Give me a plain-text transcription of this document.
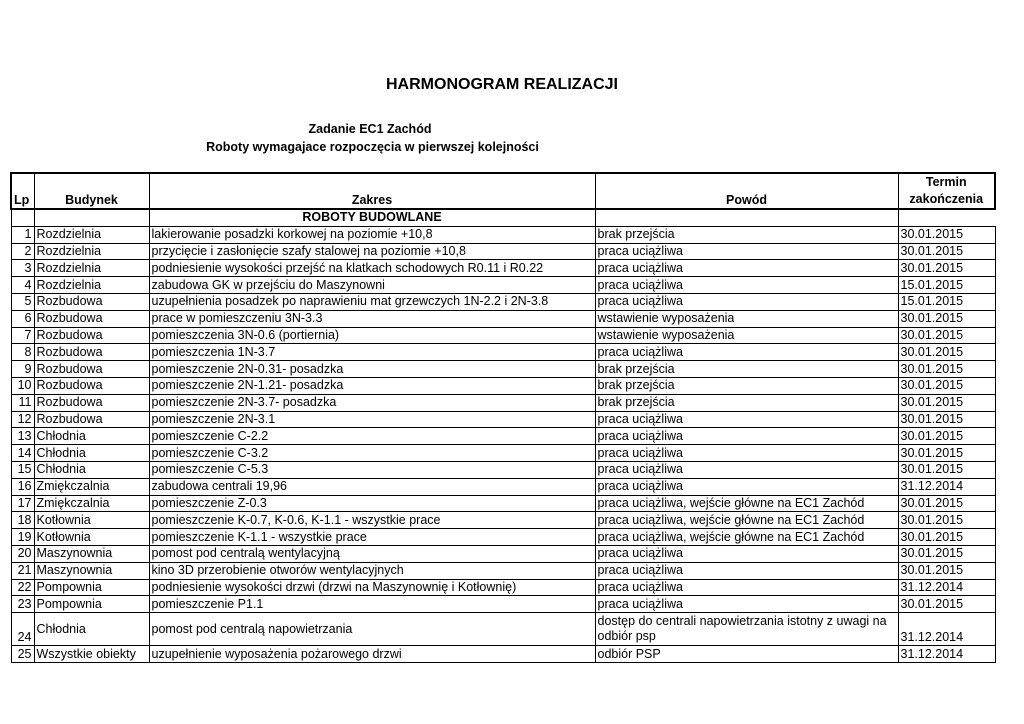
HARMONOGRAM REALIZACJI
Zadanie EC1 Zachód
Roboty wymagajace rozpoczęcia w pierwszej kolejności
Lp	Budynek	Zakres	Powód	Termin zakończenia
		ROBOTY BUDOWLANE		
1	Rozdzielnia	lakierowanie posadzki korkowej na poziomie +10,8	brak przejścia	30.01.2015
2	Rozdzielnia	przycięcie i zasłonięcie szafy stalowej na poziomie +10,8	praca uciążliwa	30.01.2015
3	Rozdzielnia	podniesienie wysokości przejść na klatkach schodowych R0.11 i R0.22	praca uciążliwa	30.01.2015
4	Rozdzielnia	zabudowa GK w przejściu do Maszynowni	praca uciążliwa	15.01.2015
5	Rozbudowa	uzupełnienia posadzek po naprawieniu mat grzewczych 1N-2.2 i 2N-3.8	praca uciążliwa	15.01.2015
6	Rozbudowa	prace w pomieszczeniu 3N-3.3	wstawienie wyposażenia	30.01.2015
7	Rozbudowa	pomieszczenia 3N-0.6 (portiernia)	wstawienie wyposażenia	30.01.2015
8	Rozbudowa	pomieszczenia 1N-3.7	praca uciążliwa	30.01.2015
9	Rozbudowa	pomieszczenie 2N-0.31- posadzka	brak przejścia	30.01.2015
10	Rozbudowa	pomieszczenie 2N-1.21- posadzka	brak przejścia	30.01.2015
11	Rozbudowa	pomieszczenie 2N-3.7- posadzka	brak przejścia	30.01.2015
12	Rozbudowa	pomieszczenie 2N-3.1	praca uciążliwa	30.01.2015
13	Chłodnia	pomieszczenie C-2.2	praca uciążliwa	30.01.2015
14	Chłodnia	pomieszczenie C-3.2	praca uciążliwa	30.01.2015
15	Chłodnia	pomieszczenie C-5.3	praca uciążliwa	30.01.2015
16	Zmiękczalnia	zabudowa centrali 19,96	praca uciążliwa	31.12.2014
17	Zmiękczalnia	pomieszczenie Z-0.3	praca uciążliwa, wejście główne na EC1 Zachód	30.01.2015
18	Kotłownia	pomieszczenie K-0.7, K-0.6, K-1.1 - wszystkie prace	praca uciążliwa, wejście główne na EC1 Zachód	30.01.2015
19	Kotłownia	pomieszczenie K-1.1 - wszystkie prace	praca uciążliwa, wejście główne na EC1 Zachód	30.01.2015
20	Maszynownia	pomost pod centralą wentylacyjną	praca uciążliwa	30.01.2015
21	Maszynownia	kino 3D przerobienie otworów wentylacyjnych	praca uciążliwa	30.01.2015
22	Pompownia	podniesienie wysokości drzwi (drzwi na Maszynownię i Kotłownię)	praca uciążliwa	31.12.2014
23	Pompownia	pomieszczenie P1.1	praca uciążliwa	30.01.2015
24	Chłodnia	pomost pod centralą napowietrzania	dostęp do centrali napowietrzania istotny z uwagi na odbiór psp	31.12.2014
25	Wszystkie obiekty	uzupełnienie wyposażenia pożarowego drzwi	odbiór PSP	31.12.2014
